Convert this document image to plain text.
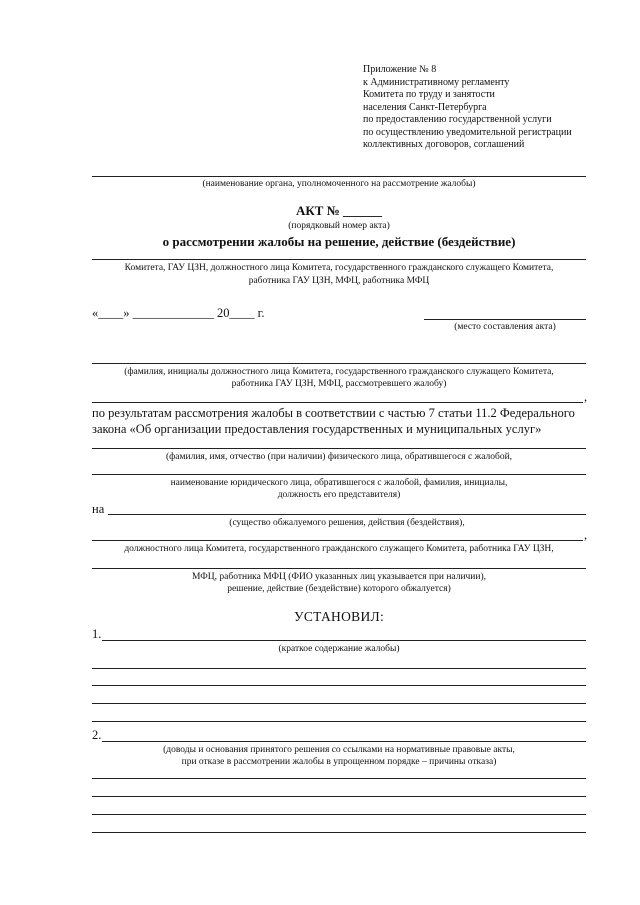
Приложение № 8
к Административному регламенту
Комитета по труду и занятости
населения Санкт-Петербурга
по предоставлению государственной услуги
по осуществлению уведомительной регистрации
коллективных договоров, соглашений
(наименование органа, уполномоченного на рассмотрение жалобы)
АКТ № ______
(порядковый номер акта)
о рассмотрении жалобы на решение, действие (бездействие)
Комитета, ГАУ ЦЗН, должностного лица Комитета, государственного гражданского служащего Комитета,
работника ГАУ ЦЗН, МФЦ, работника МФЦ
«____» _____________ 20____ г.
(место составления акта)
(фамилия, инициалы должностного лица Комитета, государственного гражданского служащего Комитета,
работника ГАУ ЦЗН, МФЦ, рассмотревшего жалобу)
,
по результатам рассмотрения жалобы в соответствии с частью 7 статьи 11.2 Федерального
закона «Об организации предоставления государственных и муниципальных услуг»
(фамилия, имя, отчество (при наличии) физического лица, обратившегося с жалобой,
наименование юридического лица, обратившегося с жалобой, фамилия, инициалы,
должность его представителя)
на
(существо обжалуемого решения, действия (бездействия),
,
должностного лица Комитета, государственного гражданского служащего Комитета, работника ГАУ ЦЗН,
МФЦ, работника МФЦ (ФИО указанных лиц указывается при наличии),
решение, действие (бездействие) которого обжалуется)
УСТАНОВИЛ:
1.
(краткое содержание жалобы)
2.
(доводы и основания принятого решения со ссылками на нормативные правовые акты,
при отказе в рассмотрении жалобы в упрощенном порядке – причины отказа)
